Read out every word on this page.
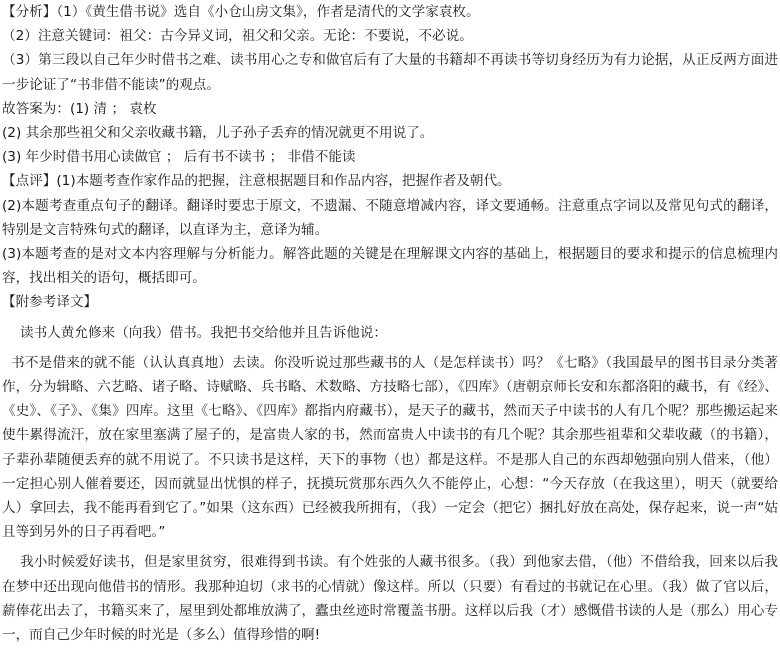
【分析】（1）《黄生借书说》选自《小仓山房文集》，作者是清代的文学家袁枚。

（2）注意关键词：祖父：古今异义词，祖父和父亲。无论：不要说，不必说。

（3）第三段以自己年少时借书之难、读书用心之专和做官后有了大量的书籍却不再读书等切身经历为有力论据，从正反两方面进一步论证了“书非借不能读”的观点。

故答案为：(1) 清 ； 袁枚

(2) 其余那些祖父和父亲收藏书籍，儿子孙子丢弃的情况就更不用说了。

(3) 年少时借书用心读做官 ； 后有书不读书 ； 非借不能读

【点评】(1)本题考查作家作品的把握，注意根据题目和作品内容，把握作者及朝代。

(2)本题考查重点句子的翻译。翻译时要忠于原文，不遗漏、不随意增减内容，译文要通畅。注意重点字词以及常见句式的翻译，特别是文言特殊句式的翻译，以直译为主，意译为辅。

(3)本题考查的是对文本内容理解与分析能力。解答此题的关键是在理解课文内容的基础上，根据题目的要求和提示的信息梳理内容，找出相关的语句，概括即可。

【附参考译文】

读书人黄允修来（向我）借书。我把书交给他并且告诉他说：

书不是借来的就不能（认认真真地）去读。你没听说过那些藏书的人（是怎样读书）吗？《七略》（我国最早的图书目录分类著作，分为辑略、六艺略、诸子略、诗赋略、兵书略、术数略、方技略七部），《四库》（唐朝京师长安和东都洛阳的藏书，有《经》、《史》、《子》、《集》四库。这里《七略》、《四库》都指内府藏书），是天子的藏书，然而天子中读书的人有几个呢？那些搬运起来使牛累得流汗，放在家里塞满了屋子的，是富贵人家的书，然而富贵人中读书的有几个呢？其余那些祖辈和父辈收藏（的书籍），子辈孙辈随便丢弃的就不用说了。不只读书是这样，天下的事物（也）都是这样。不是那人自己的东西却勉强向别人借来，（他）一定担心别人催着要还，因而就显出忧惧的样子，抚摸玩赏那东西久久不能停止，心想：“今天存放（在我这里），明天（就要给人）拿回去，我不能再看到它了。”如果（这东西）已经被我所拥有，（我）一定会（把它）捆扎好放在高处，保存起来，说一声“姑且等到另外的日子再看吧。”

我小时候爱好读书，但是家里贫穷，很难得到书读。有个姓张的人藏书很多。（我）到他家去借，（他）不借给我，回来以后我在梦中还出现向他借书的情形。我那种迫切（求书的心情就）像这样。所以（只要）有看过的书就记在心里。（我）做了官以后，薪俸花出去了，书籍买来了，屋里到处都堆放满了，蠹虫丝迹时常覆盖书册。这样以后我（才）感慨借书读的人是（那么）用心专一，而自己少年时候的时光是（多么）值得珍惜的啊!
